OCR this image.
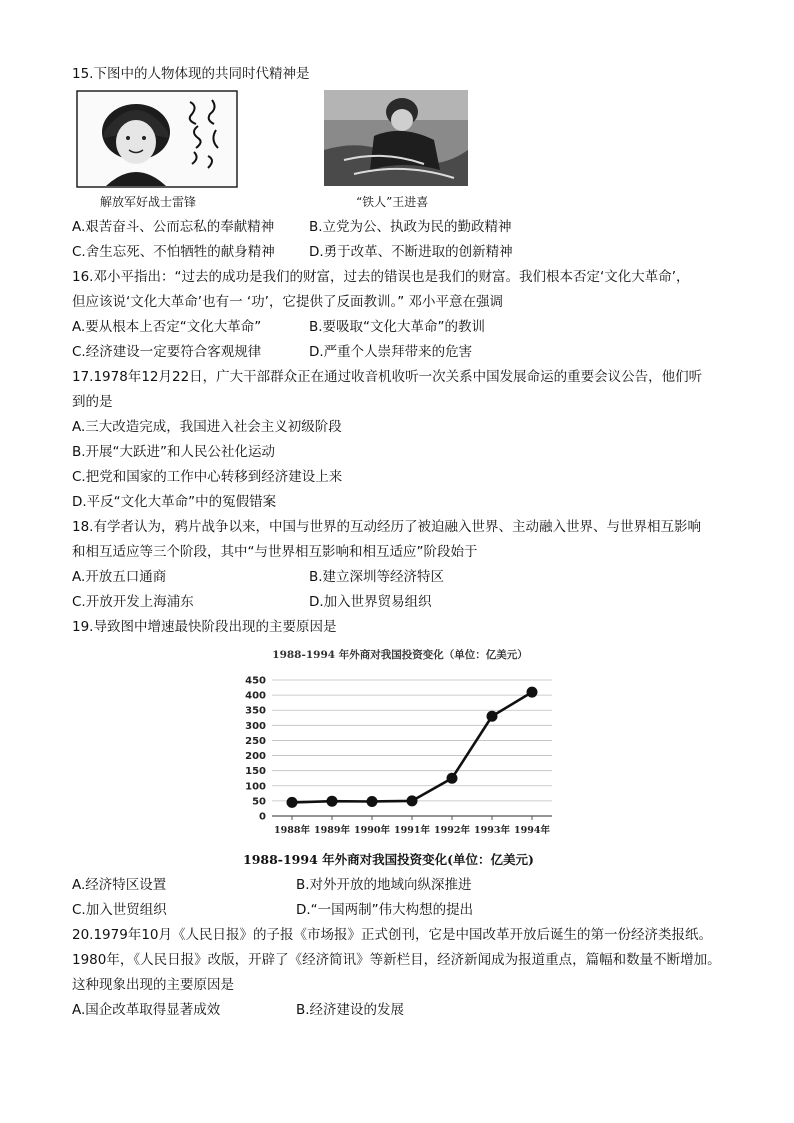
15.下图中的人物体现的共同时代精神是
解放军好战士雷锋	“铁人”王进喜
A.艰苦奋斗、公而忘私的奉献精神	B.立党为公、执政为民的勤政精神
C.舍生忘死、不怕牺牲的献身精神	D.勇于改革、不断进取的创新精神
16.邓小平指出：“过去的成功是我们的财富，过去的错误也是我们的财富。我们根本否定‘文化大革命’，
但应该说‘文化大革命’也有一 ‘功’，它提供了反面教训。” 邓小平意在强调
A.要从根本上否定“文化大革命”	B.要吸取“文化大革命”的教训
C.经济建设一定要符合客观规律	D.严重个人崇拜带来的危害
17.1978年12月22日，广大干部群众正在通过收音机收听一次关系中国发展命运的重要会议公告，他们听
到的是
A.三大改造完成，我国进入社会主义初级阶段
B.开展“大跃进”和人民公社化运动
C.把党和国家的工作中心转移到经济建设上来
D.平反“文化大革命”中的冤假错案
18.有学者认为，鸦片战争以来，中国与世界的互动经历了被迫融入世界、主动融入世界、与世界相互影响
和相互适应等三个阶段，其中“与世界相互影响和相互适应”阶段始于
A.开放五口通商	B.建立深圳等经济特区
C.开放开发上海浦东	D.加入世界贸易组织
19.导致图中增速最快阶段出现的主要原因是
1988-1994 年外商对我国投资变化（单位：亿美元）
0
50
100
150
200
250
300
350
400
450
1988年 1989年 1990年 1991年 1992年 1993年 1994年
1988-1994 年外商对我国投资变化(单位：亿美元)
A.经济特区设置	B.对外开放的地域向纵深推进
C.加入世贸组织	D.“一国两制”伟大构想的提出
20.1979年10月《人民日报》的子报《市场报》正式创刊，它是中国改革开放后诞生的第一份经济类报纸。
1980年，《人民日报》改版，开辟了《经济简讯》等新栏目，经济新闻成为报道重点，篇幅和数量不断增加。
这种现象出现的主要原因是
A.国企改革取得显著成效	B.经济建设的发展
